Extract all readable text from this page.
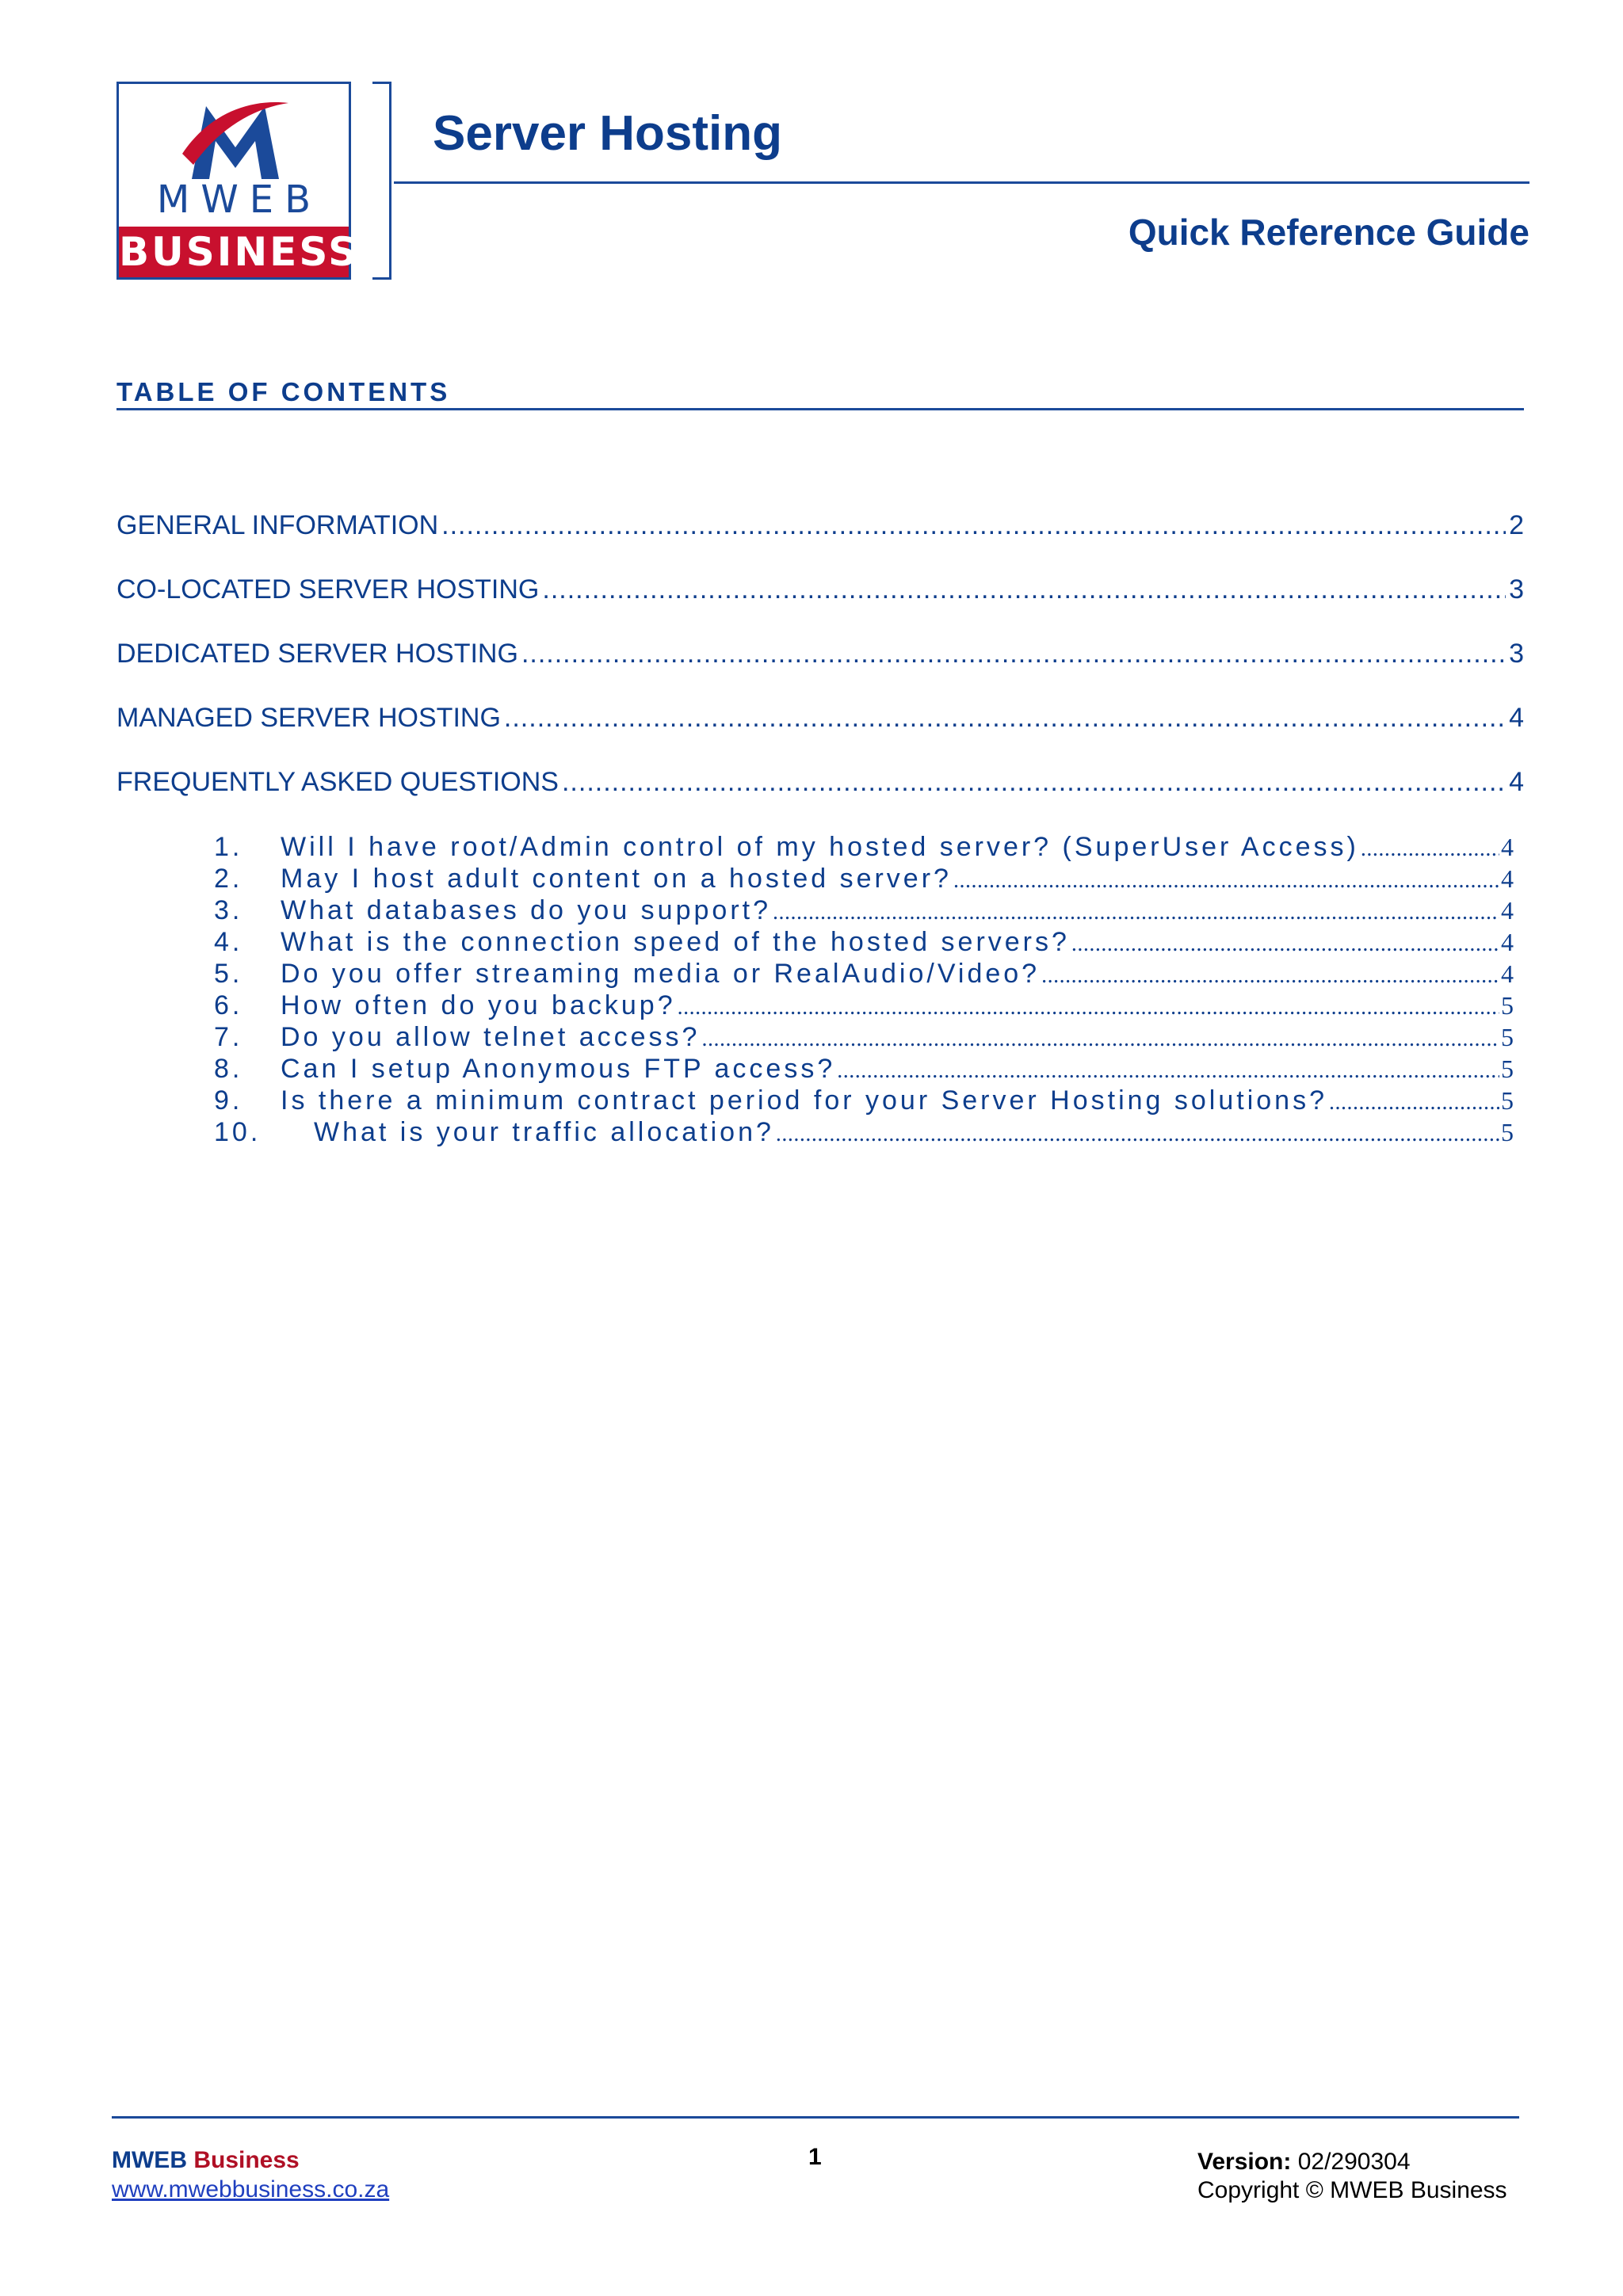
MWEB
BUSINESS
Server Hosting
Quick Reference Guide
TABLE OF CONTENTS
GENERAL INFORMATION .....	2
CO-LOCATED SERVER HOSTING .....	3
DEDICATED SERVER HOSTING .....	3
MANAGED SERVER HOSTING .....	4
FREQUENTLY ASKED QUESTIONS .....	4
1.	Will I have root/Admin control of my hosted server? (SuperUser Access) .....	4
2.	May I host adult content on a hosted server? .....	4
3.	What databases do you support? .....	4
4.	What is the connection speed of the hosted servers? .....	4
5.	Do you offer streaming media or RealAudio/Video? .....	4
6.	How often do you backup? .....	5
7.	Do you allow telnet access? .....	5
8.	Can I setup Anonymous FTP access? .....	5
9.	Is there a minimum contract period for your Server Hosting solutions? .....	5
10.	What is your traffic allocation? .....	5
MWEB Business
www.mwebbusiness.co.za
1	Version: 02/290304
Copyright © MWEB Business
